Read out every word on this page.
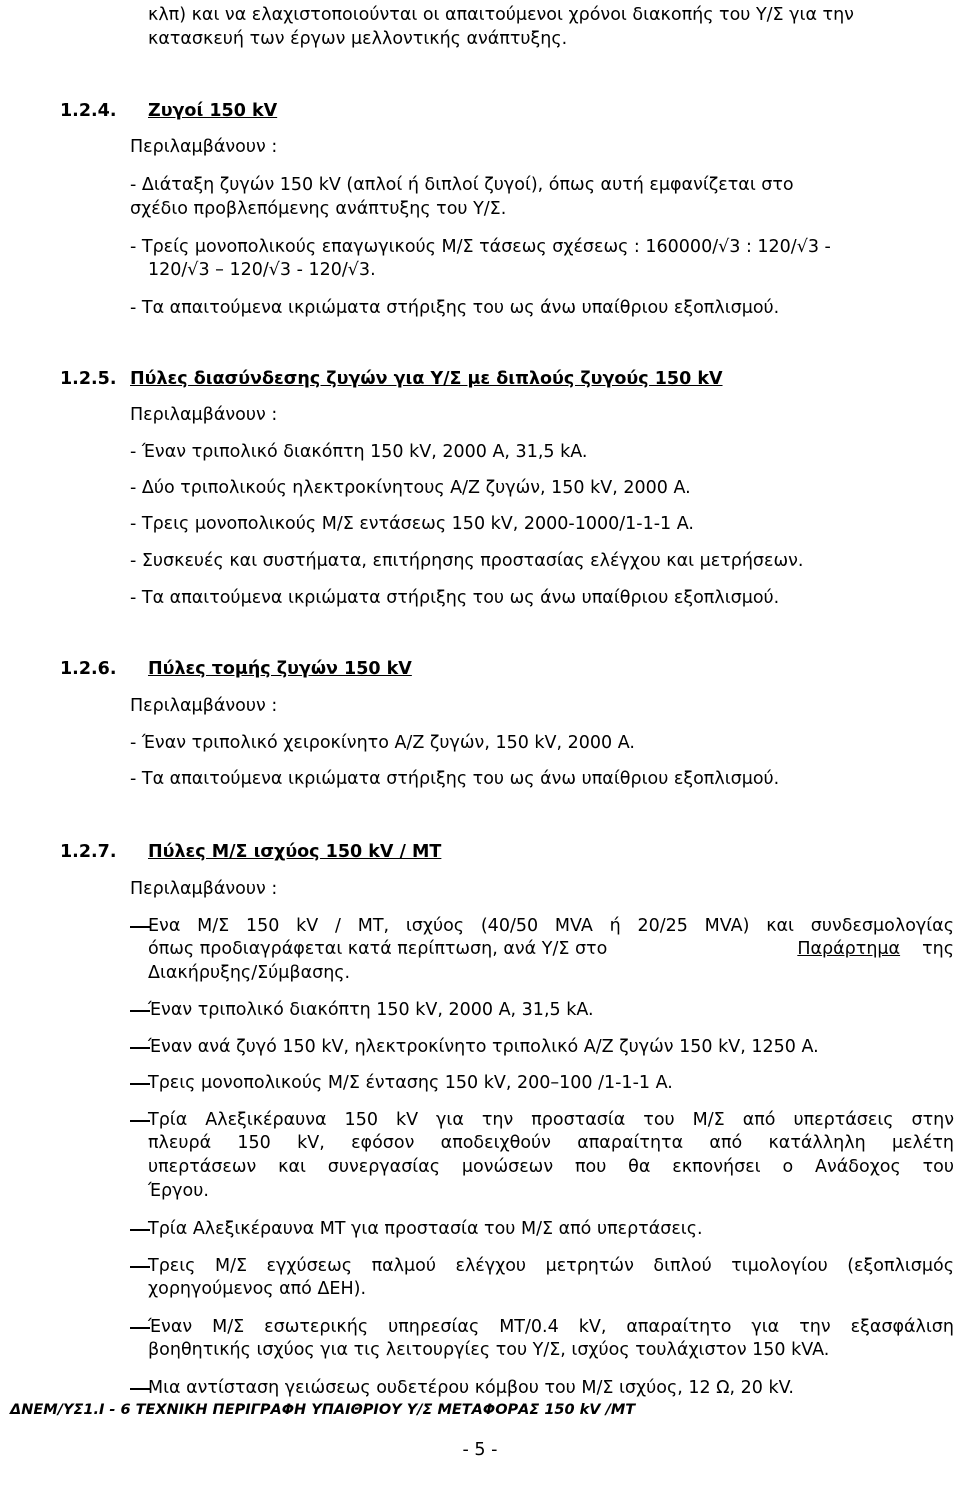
κλπ) και να ελαχιστοποιούνται οι απαιτούμενοι χρόνοι διακοπής του Υ/Σ για την
κατασκευή των έργων μελλοντικής ανάπτυξης.
1.2.4. Ζυγοί 150 kV
Περιλαμβάνουν :
- Διάταξη ζυγών 150 kV (απλοί ή διπλοί ζυγοί), όπως αυτή εμφανίζεται στο
σχέδιο προβλεπόμενης ανάπτυξης του Υ/Σ.
- Τρείς μονοπολικούς επαγωγικούς Μ/Σ τάσεως σχέσεως : 160000/√3 : 120/√3 -
120/√3 – 120/√3 - 120/√3.
- Τα απαιτούμενα ικριώματα στήριξης του ως άνω υπαίθριου εξοπλισμού.
1.2.5. Πύλες διασύνδεσης ζυγών για Υ/Σ με διπλούς ζυγούς 150 kV
Περιλαμβάνουν :
- Έναν τριπολικό διακόπτη 150 kV, 2000 A, 31,5 kA.
- Δύο τριπολικούς ηλεκτροκίνητους Α/Ζ ζυγών, 150 kV, 2000 A.
- Τρεις μονοπολικούς Μ/Σ εντάσεως 150 kV, 2000-1000/1-1-1 A.
- Συσκευές και συστήματα, επιτήρησης προστασίας ελέγχου και μετρήσεων.
- Τα απαιτούμενα ικριώματα στήριξης του ως άνω υπαίθριου εξοπλισμού.
1.2.6. Πύλες τομής ζυγών 150 kV
Περιλαμβάνουν :
- Έναν τριπολικό χειροκίνητο Α/Ζ ζυγών, 150 kV, 2000 A.
- Τα απαιτούμενα ικριώματα στήριξης του ως άνω υπαίθριου εξοπλισμού.
1.2.7. Πύλες Μ/Σ ισχύος 150 kV / ΜΤ
Περιλαμβάνουν :
Ενα Μ/Σ 150 kV / MT, ισχύος (40/50 MVA ή 20/25 MVA) και συνδεσμολογίας
όπως προδιαγράφεται κατά περίπτωση, ανά Υ/Σ στο	Παράρτημα της
Διακήρυξης/Σύμβασης.
Έναν τριπολικό διακόπτη 150 kV, 2000 A, 31,5 kA.
Έναν ανά ζυγό 150 kV, ηλεκτροκίνητο τριπολικό Α/Ζ ζυγών 150 kV, 1250 A.
Τρεις μονοπολικούς Μ/Σ έντασης 150 kV, 200–100 /1-1-1 A.
Τρία Αλεξικέραυνα 150 kV για την προστασία του Μ/Σ από υπερτάσεις στην
πλευρά 150 kV, εφόσον αποδειχθούν απαραίτητα από κατάλληλη μελέτη
υπερτάσεων και συνεργασίας μονώσεων που θα εκπονήσει ο Ανάδοχος του
Έργου.
Τρία Αλεξικέραυνα ΜΤ για προστασία του Μ/Σ από υπερτάσεις.
Τρεις Μ/Σ εγχύσεως παλμού ελέγχου μετρητών διπλού τιμολογίου (εξοπλισμός
χορηγούμενος από ΔΕΗ).
Έναν Μ/Σ εσωτερικής υπηρεσίας MT/0.4 kV, απαραίτητο για την εξασφάλιση
βοηθητικής ισχύος για τις λειτουργίες του Υ/Σ, ισχύος τουλάχιστον 150 kVA.
Μια αντίσταση γειώσεως ουδετέρου κόμβου του Μ/Σ ισχύος, 12 Ω, 20 kV.
ΔΝΕΜ/ΥΣ1.Ι - 6 ΤΕΧΝΙΚΗ ΠΕΡΙΓΡΑΦΗ ΥΠΑΙΘΡΙΟΥ Υ/Σ ΜΕΤΑΦΟΡΑΣ 150 kV /MT
- 5 -
